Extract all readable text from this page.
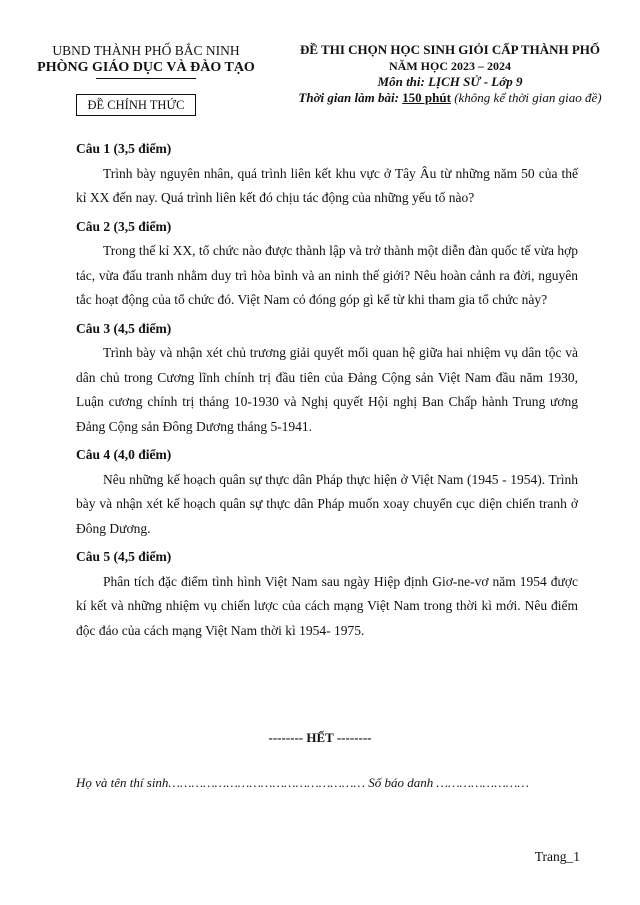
UBND THÀNH PHỐ BẮC NINH
PHÒNG GIÁO DỤC VÀ ĐÀO TẠO
ĐỀ CHÍNH THỨC
ĐỀ THI CHỌN HỌC SINH GIỎI CẤP THÀNH PHỐ
NĂM HỌC 2023 – 2024
Môn thi: LỊCH SỬ - Lớp 9
Thời gian làm bài: 150 phút (không kể thời gian giao đề)

Câu 1 (3,5 điểm)

Trình bày nguyên nhân, quá trình liên kết khu vực ở Tây Âu từ những năm 50 của thế kỉ XX đến nay. Quá trình liên kết đó chịu tác động của những yếu tố nào?

Câu 2 (3,5 điểm)

Trong thế kỉ XX, tổ chức nào được thành lập và trở thành một diễn đàn quốc tế vừa hợp tác, vừa đấu tranh nhằm duy trì hòa bình và an ninh thế giới? Nêu hoàn cảnh ra đời, nguyên tắc hoạt động của tổ chức đó. Việt Nam có đóng góp gì kể từ khi tham gia tổ chức này?

Câu 3 (4,5 điểm)

Trình bày và nhận xét chủ trương giải quyết mối quan hệ giữa hai nhiệm vụ dân tộc và dân chủ trong Cương lĩnh chính trị đầu tiên của Đảng Cộng sản Việt Nam đầu năm 1930, Luận cương chính trị tháng 10-1930 và Nghị quyết Hội nghị Ban Chấp hành Trung ương Đảng Cộng sản Đông Dương tháng 5-1941.

Câu 4 (4,0 điểm)

Nêu những kế hoạch quân sự thực dân Pháp thực hiện ở Việt Nam (1945 - 1954). Trình bày và nhận xét kế hoạch quân sự thực dân Pháp muốn xoay chuyển cục diện chiến tranh ở Đông Dương.

Câu 5 (4,5 điểm)

Phân tích đặc điểm tình hình Việt Nam sau ngày Hiệp định Giơ-ne-vơ năm 1954 được kí kết và những nhiệm vụ chiến lược của cách mạng Việt Nam trong thời kì mới. Nêu điểm độc đáo của cách mạng Việt Nam thời kì 1954- 1975.

-------- HẾT --------
Họ và tên thí sinh…………………………………………… Số báo danh ……………………
Trang_1
